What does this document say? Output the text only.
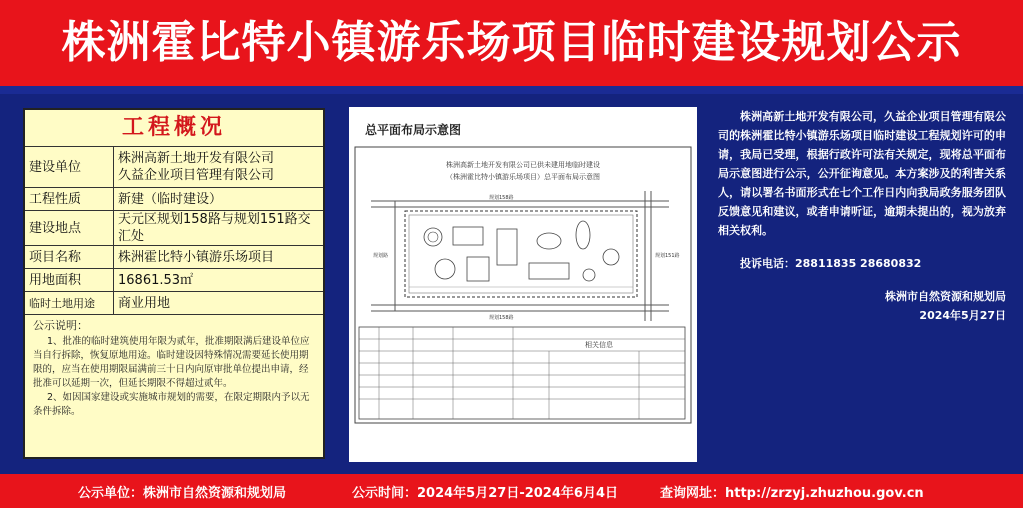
株洲霍比特小镇游乐场项目临时建设规划公示
工程概况
建设单位	株洲高新土地开发有限公司
久益企业项目管理有限公司

工程性质	新建（临时建设）
建设地点	天元区规划158路与规划151路交汇处
项目名称	株洲霍比特小镇游乐场项目
用地面积	16861.53㎡
临时土地用途	商业用地

公示说明：

1、批准的临时建筑使用年限为贰年，批准期限满后建设单位应当自行拆除，恢复原地用途。临时建设因特殊情况需要延长使用期限的，应当在使用期限届满前三十日内向原审批单位提出申请，经批准可以延期一次，但延长期限不得超过贰年。

2、如因国家建设或实施城市规划的需要，在限定期限内予以无条件拆除。

总平面布局示意图
株洲高新土地开发有限公司已供未建用地临时建设
（株洲霍比特小镇游乐场项目）总平面布局示意图
规划158路
规划路	规划151路
规划158路
相关信息
株洲高新土地开发有限公司，久益企业项目管理有限公司的株洲霍比特小镇游乐场项目临时建设工程规划许可的申请，我局已受理，根据行政许可法有关规定，现将总平面布局示意图进行公示，公开征询意见。本方案涉及的利害关系人，请以署名书面形式在七个工作日内向我局政务服务团队反馈意见和建议，或者申请听证，逾期未提出的，视为放弃相关权利。
投诉电话：28811835 28680832
株洲市自然资源和规划局
2024年5月27日
公示单位：株洲市自然资源和规划局	公示时间：2024年5月27日-2024年6月4日	查询网址：http://zrzyj.zhuzhou.gov.cn
